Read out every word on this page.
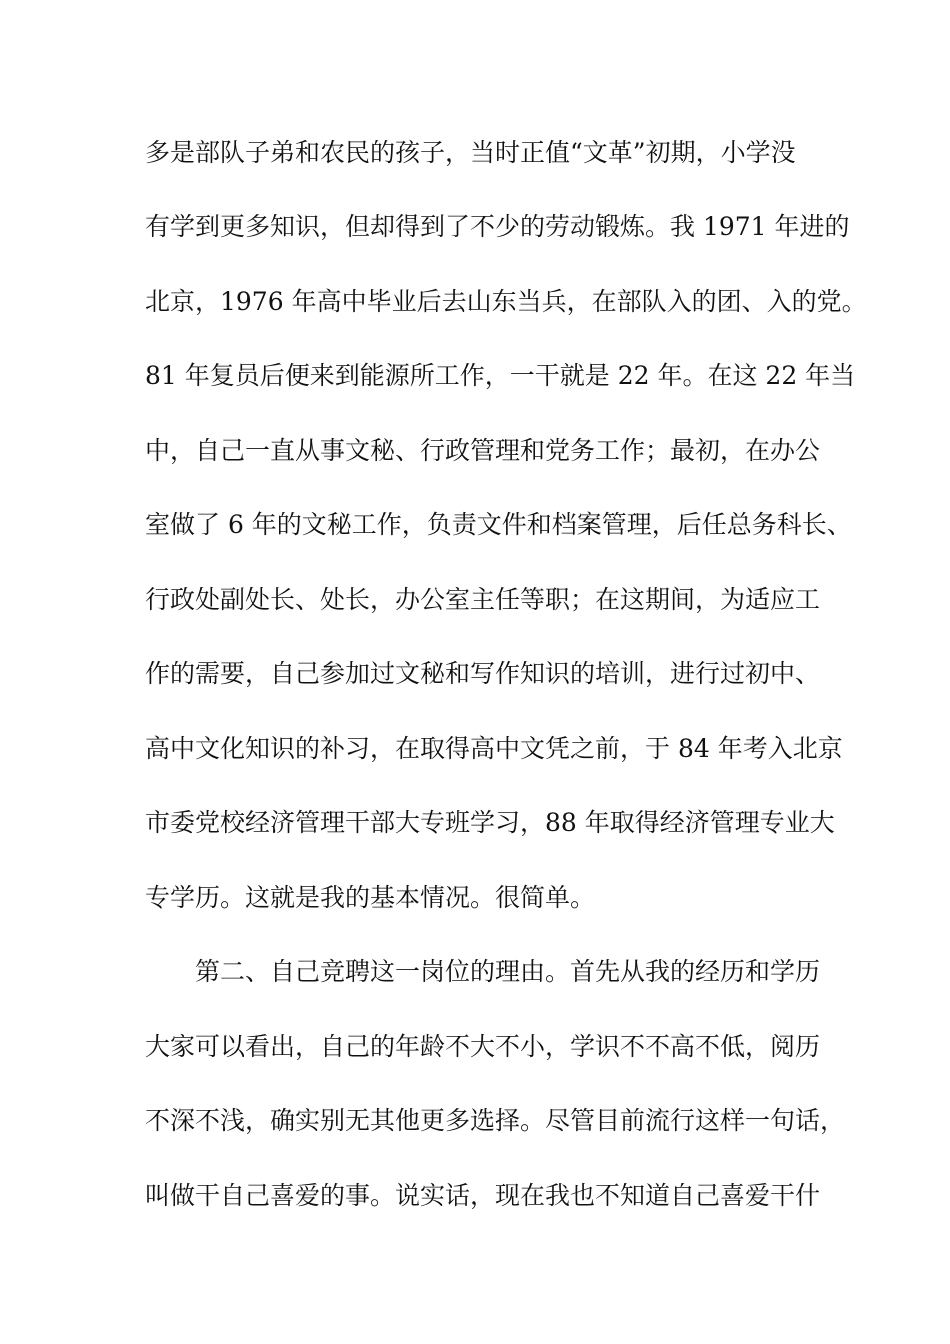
多是部队子弟和农民的孩子，当时正值“文革”初期，小学没
有学到更多知识，但却得到了不少的劳动锻炼。我 1971 年进的
北京，1976 年高中毕业后去山东当兵，在部队入的团、入的党。
81 年复员后便来到能源所工作，一干就是 22 年。在这 22 年当
中，自己一直从事文秘、行政管理和党务工作；最初，在办公
室做了 6 年的文秘工作，负责文件和档案管理，后任总务科长、
行政处副处长、处长，办公室主任等职；在这期间，为适应工
作的需要，自己参加过文秘和写作知识的培训，进行过初中、
高中文化知识的补习，在取得高中文凭之前，于 84 年考入北京
市委党校经济管理干部大专班学习，88 年取得经济管理专业大
专学历。这就是我的基本情况。很简单。
　　第二、自己竞聘这一岗位的理由。首先从我的经历和学历
大家可以看出，自己的年龄不大不小，学识不不高不低，阅历
不深不浅，确实别无其他更多选择。尽管目前流行这样一句话，
叫做干自己喜爱的事。说实话，现在我也不知道自己喜爱干什
